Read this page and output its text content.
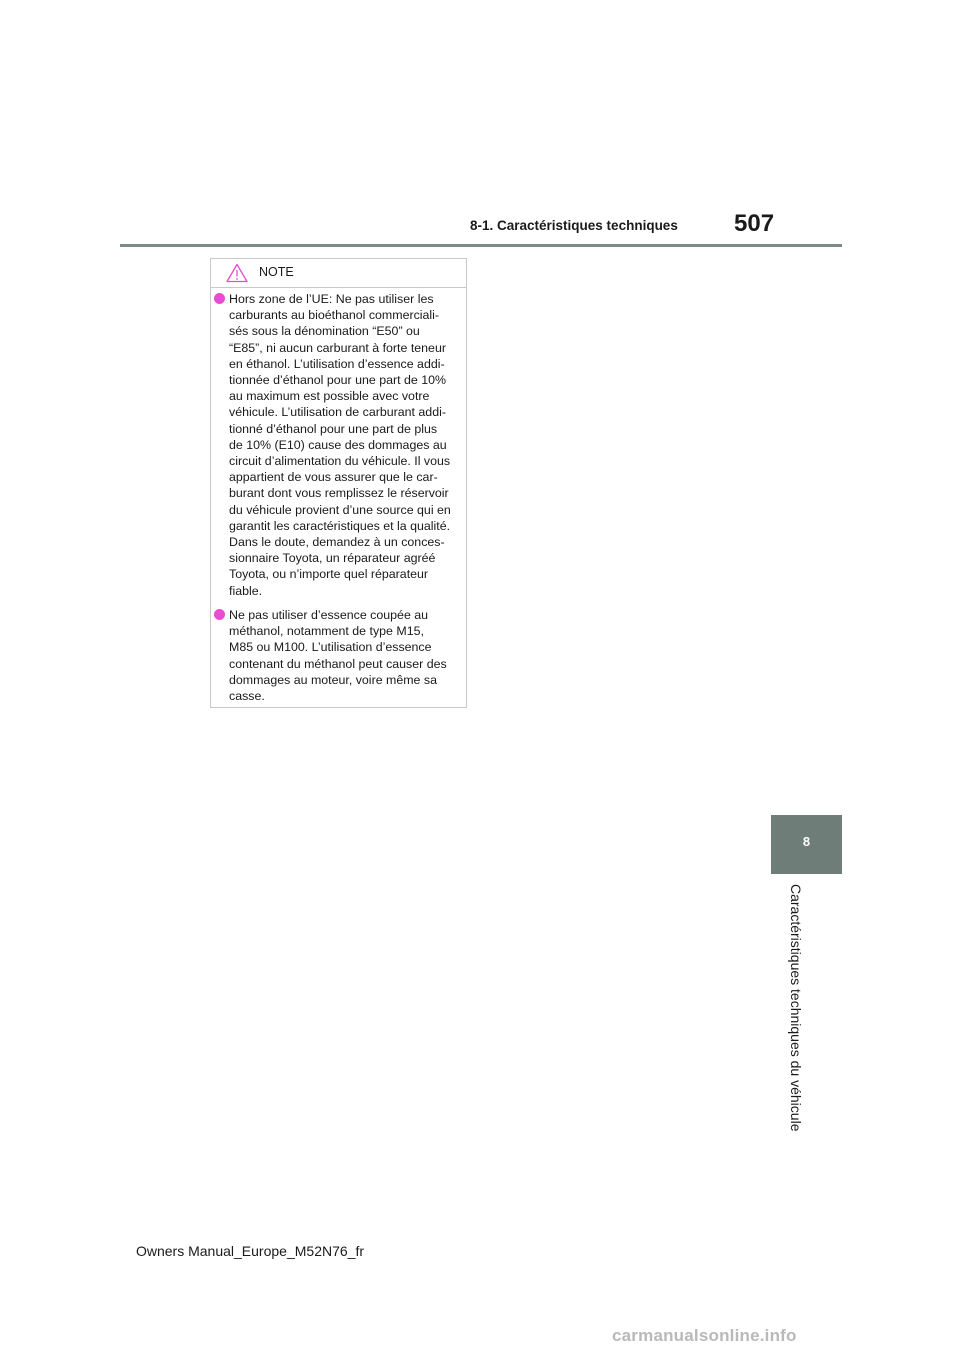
8-1. Caractéristiques techniques	507
NOTE
Hors zone de l’UE: Ne pas utiliser les
carburants au bioéthanol commerciali-
sés sous la dénomination “E50” ou
“E85”, ni aucun carburant à forte teneur
en éthanol. L’utilisation d’essence addi-
tionnée d’éthanol pour une part de 10%
au maximum est possible avec votre
véhicule. L’utilisation de carburant addi-
tionné d’éthanol pour une part de plus
de 10% (E10) cause des dommages au
circuit d’alimentation du véhicule. Il vous
appartient de vous assurer que le car-
burant dont vous remplissez le réservoir
du véhicule provient d’une source qui en
garantit les caractéristiques et la qualité.
Dans le doute, demandez à un conces-
sionnaire Toyota, un réparateur agréé
Toyota, ou n’importe quel réparateur
fiable.
Ne pas utiliser d’essence coupée au
méthanol, notamment de type M15,
M85 ou M100. L’utilisation d’essence
contenant du méthanol peut causer des
dommages au moteur, voire même sa
casse.
8
Caractéristiques techniques du véhicule
Owners Manual_Europe_M52N76_fr
carmanualsonline.info
